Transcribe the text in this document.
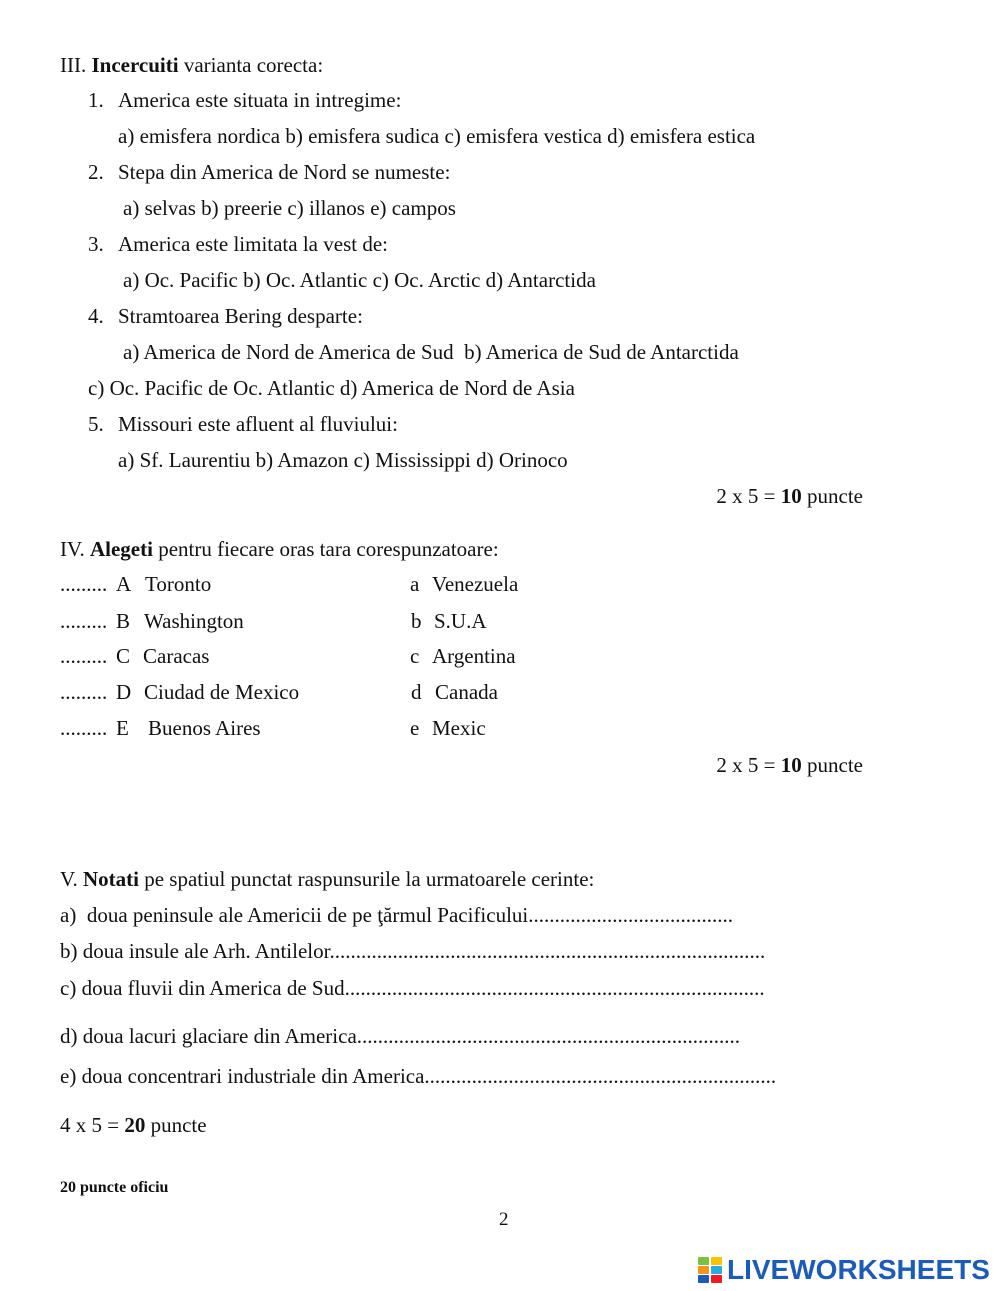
III. Incercuiti varianta corecta:
1. America este situata in intregime:
a) emisfera nordica b) emisfera sudica c) emisfera vestica d) emisfera estica
2. Stepa din America de Nord se numeste:
a) selvas b) preerie c) illanos e) campos
3. America este limitata la vest de:
a) Oc. Pacific b) Oc. Atlantic c) Oc. Arctic d) Antarctida
4. Stramtoarea Bering desparte:
a) America de Nord de America de Sud  b) America de Sud de Antarctida
c) Oc. Pacific de Oc. Atlantic d) America de Nord de Asia
5. Missouri este afluent al fluviului:
a) Sf. Laurentiu b) Amazon c) Mississippi d) Orinoco
2 x 5 = 10 puncte
IV. Alegeti pentru fiecare oras tara corespunzatoare:
......... A Toronto	a Venezuela
......... B Washington	b S.U.A
......... C Caracas	c Argentina
......... D Ciudad de Mexico	d Canada
......... E Buenos Aires	e Mexic
2 x 5 = 10 puncte
V. Notati pe spatiul punctat raspunsurile la urmatoarele cerinte:
a)  doua peninsule ale Americii de pe ţărmul Pacificului.......................................
b) doua insule ale Arh. Antilelor...................................................................................
c) doua fluvii din America de Sud................................................................................
d) doua lacuri glaciare din America.........................................................................
e) doua concentrari industriale din America...................................................................
4 x 5 = 20 puncte
20 puncte oficiu
2
LIVEWORKSHEETS
